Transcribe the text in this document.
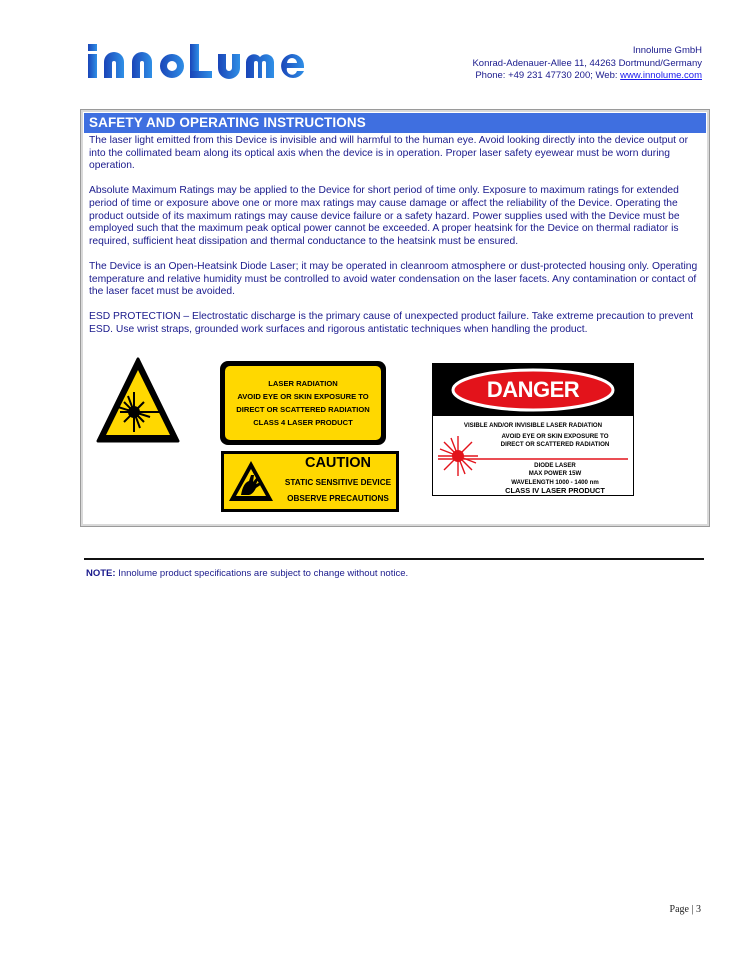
Innolume GmbH
Konrad-Adenauer-Allee 11, 44263 Dortmund/Germany
Phone: +49 231 47730 200; Web: www.innolume.com
SAFETY AND OPERATING INSTRUCTIONS

The laser light emitted from this Device is invisible and will harmful to the human eye. Avoid looking directly into the device output or into the collimated beam along its optical axis when the device is in operation. Proper laser safety eyewear must be worn during operation.

Absolute Maximum Ratings may be applied to the Device for short period of time only. Exposure to maximum ratings for extended period of time or exposure above one or more max ratings may cause damage or affect the reliability of the Device. Operating the product outside of its maximum ratings may cause device failure or a safety hazard. Power supplies used with the Device must be employed such that the maximum peak optical power cannot be exceeded. A proper heatsink for the Device on thermal radiator is required, sufficient heat dissipation and thermal conductance to the heatsink must be ensured.

The Device is an Open-Heatsink Diode Laser; it may be operated in cleanroom atmosphere or dust-protected housing only. Operating temperature and relative humidity must be controlled to avoid water condensation on the laser facets. Any contamination or contact of the laser facet must be avoided.

ESD PROTECTION – Electrostatic discharge is the primary cause of unexpected product failure. Take extreme precaution to prevent ESD. Use wrist straps, grounded work surfaces and rigorous antistatic techniques when handling the product.

LASER RADIATION
AVOID EYE OR SKIN EXPOSURE TO
DIRECT OR SCATTERED RADIATION
CLASS 4 LASER PRODUCT
CAUTION
STATIC SENSITIVE DEVICE
OBSERVE PRECAUTIONS
DANGER
VISIBLE AND/OR INVISIBLE LASER RADIATION
AVOID EYE OR SKIN EXPOSURE TO
DIRECT OR SCATTERED RADIATION
DIODE LASER
MAX POWER 15W
WAVELENGTH 1000 - 1400 nm
CLASS IV LASER PRODUCT
NOTE: Innolume product specifications are subject to change without notice.
Page | 3
